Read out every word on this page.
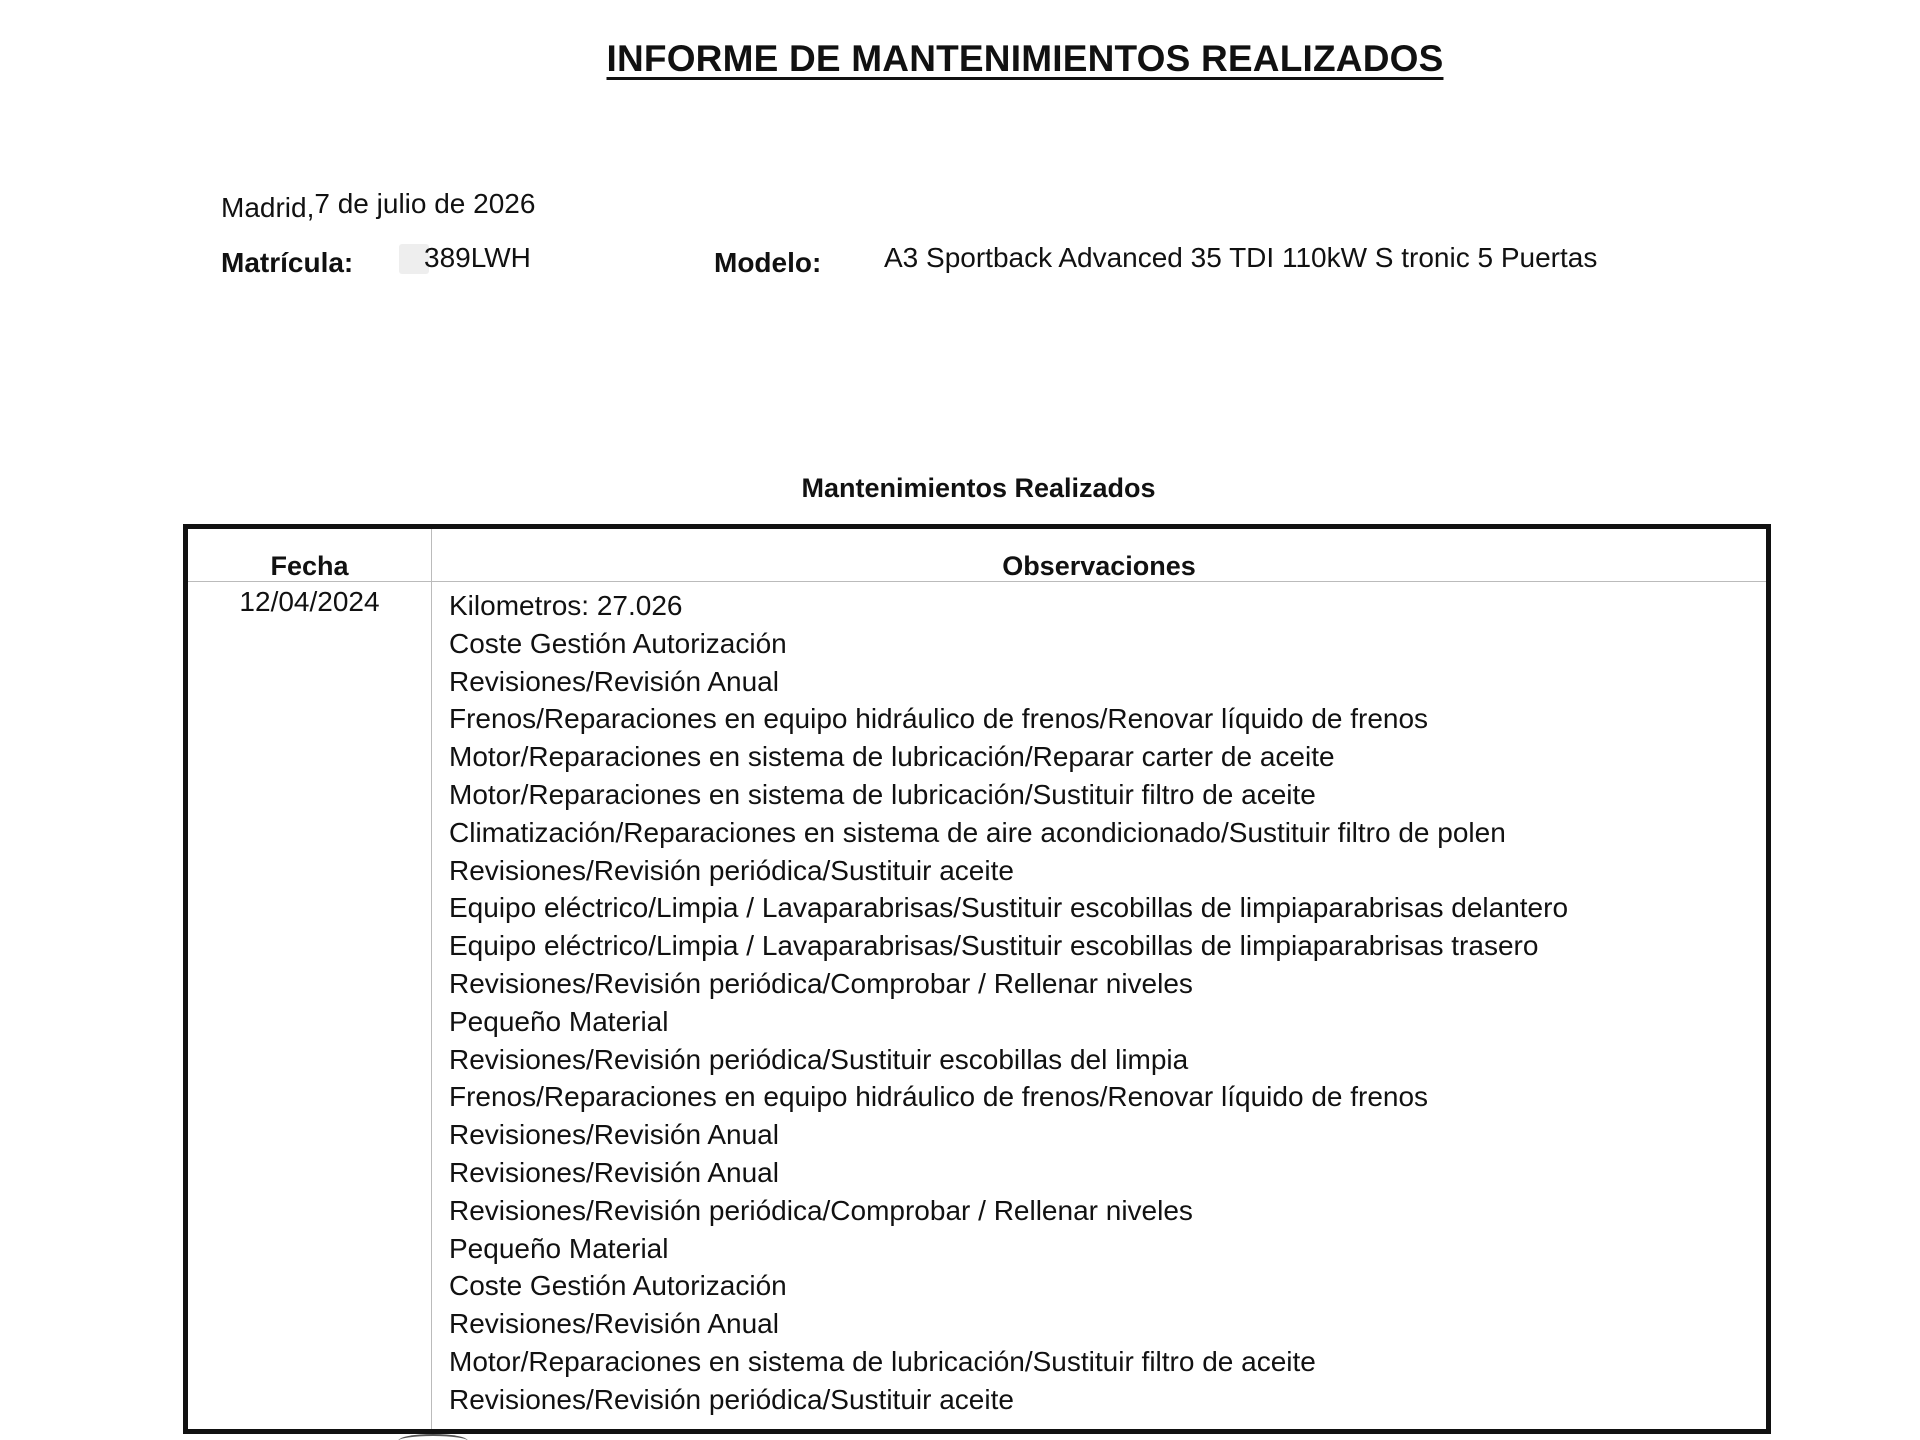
INFORME DE MANTENIMIENTOS REALIZADOS
Madrid,7 de julio de 2026
Matrícula:	389LWH	Modelo: A3 Sportback Advanced 35 TDI 110kW S tronic 5 Puertas
Mantenimientos Realizados
Fecha	Observaciones
12/04/2024	Kilometros: 27.026
Coste Gestión Autorización
Revisiones/Revisión Anual
Frenos/Reparaciones en equipo hidráulico de frenos/Renovar líquido de frenos
Motor/Reparaciones en sistema de lubricación/Reparar carter de aceite
Motor/Reparaciones en sistema de lubricación/Sustituir filtro de aceite
Climatización/Reparaciones en sistema de aire acondicionado/Sustituir filtro de polen
Revisiones/Revisión periódica/Sustituir aceite
Equipo eléctrico/Limpia / Lavaparabrisas/Sustituir escobillas de limpiaparabrisas delantero
Equipo eléctrico/Limpia / Lavaparabrisas/Sustituir escobillas de limpiaparabrisas trasero
Revisiones/Revisión periódica/Comprobar / Rellenar niveles
Pequeño Material
Revisiones/Revisión periódica/Sustituir escobillas del limpia
Frenos/Reparaciones en equipo hidráulico de frenos/Renovar líquido de frenos
Revisiones/Revisión Anual
Revisiones/Revisión Anual
Revisiones/Revisión periódica/Comprobar / Rellenar niveles
Pequeño Material
Coste Gestión Autorización
Revisiones/Revisión Anual
Motor/Reparaciones en sistema de lubricación/Sustituir filtro de aceite
Revisiones/Revisión periódica/Sustituir aceite
